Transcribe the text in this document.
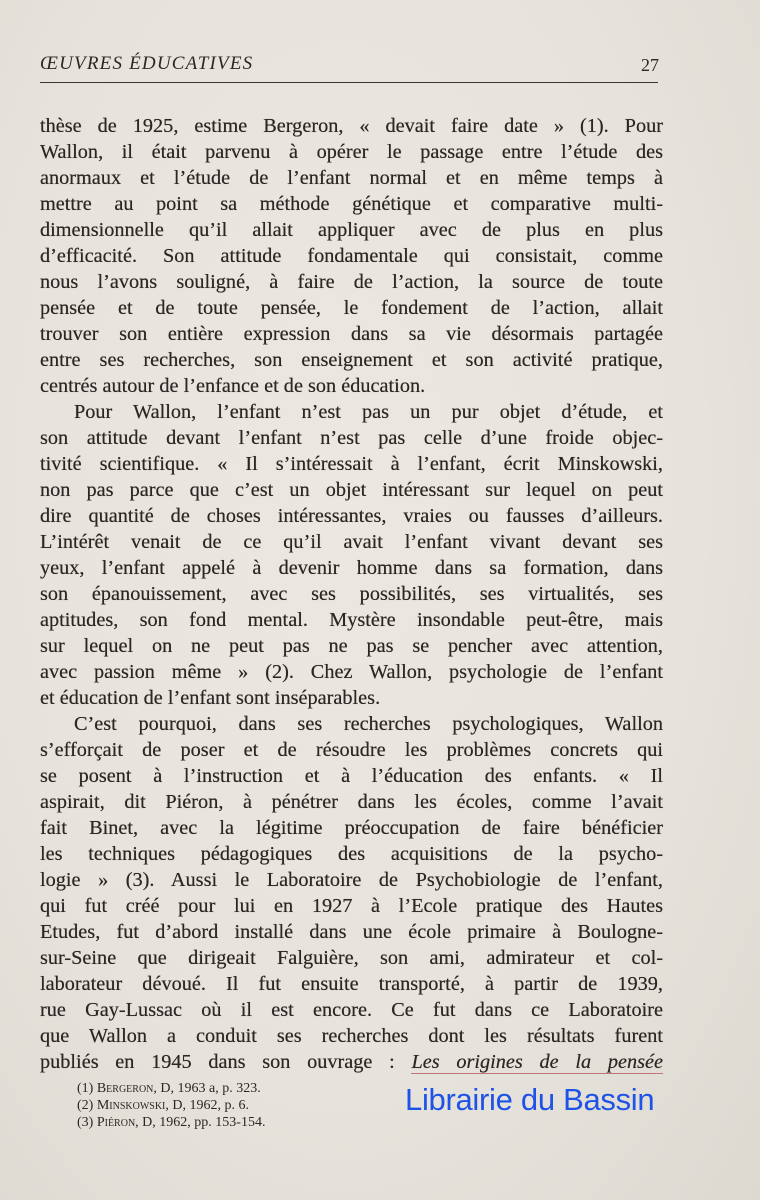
ŒUVRES ÉDUCATIVES	27
thèse de 1925, estime Bergeron, « devait faire date » (1). Pour
Wallon, il était parvenu à opérer le passage entre l’étude des
anormaux et l’étude de l’enfant normal et en même temps à
mettre au point sa méthode génétique et comparative multi-
dimensionnelle qu’il allait appliquer avec de plus en plus
d’efficacité. Son attitude fondamentale qui consistait, comme
nous l’avons souligné, à faire de l’action, la source de toute
pensée et de toute pensée, le fondement de l’action, allait
trouver son entière expression dans sa vie désormais partagée
entre ses recherches, son enseignement et son activité pratique,
centrés autour de l’enfance et de son éducation.
Pour Wallon, l’enfant n’est pas un pur objet d’étude, et
son attitude devant l’enfant n’est pas celle d’une froide objec-
tivité scientifique. « Il s’intéressait à l’enfant, écrit Minskowski,
non pas parce que c’est un objet intéressant sur lequel on peut
dire quantité de choses intéressantes, vraies ou fausses d’ailleurs.
L’intérêt venait de ce qu’il avait l’enfant vivant devant ses
yeux, l’enfant appelé à devenir homme dans sa formation, dans
son épanouissement, avec ses possibilités, ses virtualités, ses
aptitudes, son fond mental. Mystère insondable peut-être, mais
sur lequel on ne peut pas ne pas se pencher avec attention,
avec passion même » (2). Chez Wallon, psychologie de l’enfant
et éducation de l’enfant sont inséparables.
C’est pourquoi, dans ses recherches psychologiques, Wallon
s’efforçait de poser et de résoudre les problèmes concrets qui
se posent à l’instruction et à l’éducation des enfants. « Il
aspirait, dit Piéron, à pénétrer dans les écoles, comme l’avait
fait Binet, avec la légitime préoccupation de faire bénéficier
les techniques pédagogiques des acquisitions de la psycho-
logie » (3). Aussi le Laboratoire de Psychobiologie de l’enfant,
qui fut créé pour lui en 1927 à l’Ecole pratique des Hautes
Etudes, fut d’abord installé dans une école primaire à Boulogne-
sur-Seine que dirigeait Falguière, son ami, admirateur et col-
laborateur dévoué. Il fut ensuite transporté, à partir de 1939,
rue Gay-Lussac où il est encore. Ce fut dans ce Laboratoire
que Wallon a conduit ses recherches dont les résultats furent
publiés en 1945 dans son ouvrage : Les origines de la pensée
(1) Bergeron, D, 1963 a, p. 323.
(2) Minskowski, D, 1962, p. 6.
(3) Piéron, D, 1962, pp. 153-154.
Librairie du Bassin
